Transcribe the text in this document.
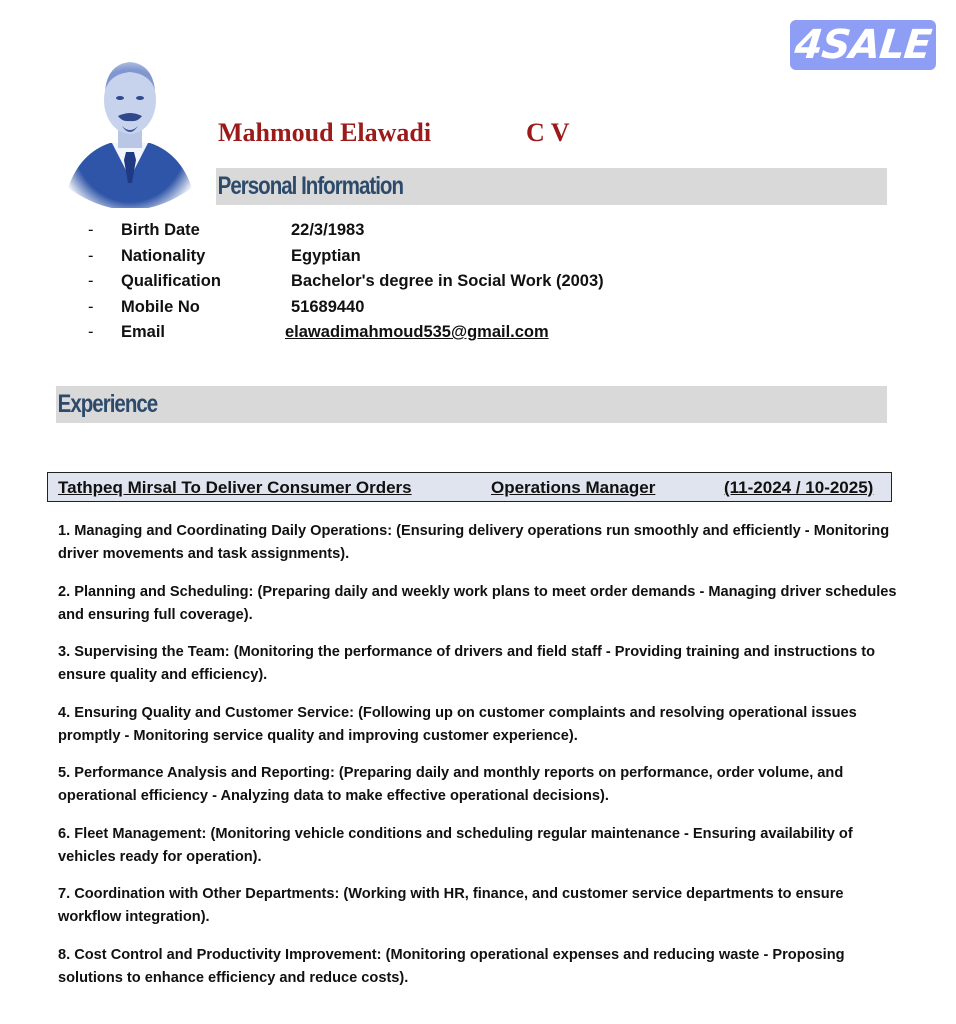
4SALE
Mahmoud Elawadi	C V
Personal Information
- Birth Date	22/3/1983
- Nationality	Egyptian
- Qualification	Bachelor's degree in Social Work (2003)
- Mobile No	51689440
- Email	elawadimahmoud535@gmail.com
Experience
Tathpeq Mirsal To Deliver Consumer Orders	Operations Manager	(11-2024 / 10-2025)

1. Managing and Coordinating Daily Operations: (Ensuring delivery operations run smoothly and efficiently - Monitoring driver movements and task assignments).

2. Planning and Scheduling: (Preparing daily and weekly work plans to meet order demands - Managing driver schedules and ensuring full coverage).

3. Supervising the Team: (Monitoring the performance of drivers and field staff - Providing training and instructions to ensure quality and efficiency).

4. Ensuring Quality and Customer Service: (Following up on customer complaints and resolving operational issues promptly - Monitoring service quality and improving customer experience).

5. Performance Analysis and Reporting: (Preparing daily and monthly reports on performance, order volume, and operational efficiency - Analyzing data to make effective operational decisions).

6. Fleet Management: (Monitoring vehicle conditions and scheduling regular maintenance - Ensuring availability of vehicles ready for operation).

7. Coordination with Other Departments: (Working with HR, finance, and customer service departments to ensure workflow integration).

8. Cost Control and Productivity Improvement: (Monitoring operational expenses and reducing waste - Proposing solutions to enhance efficiency and reduce costs).
